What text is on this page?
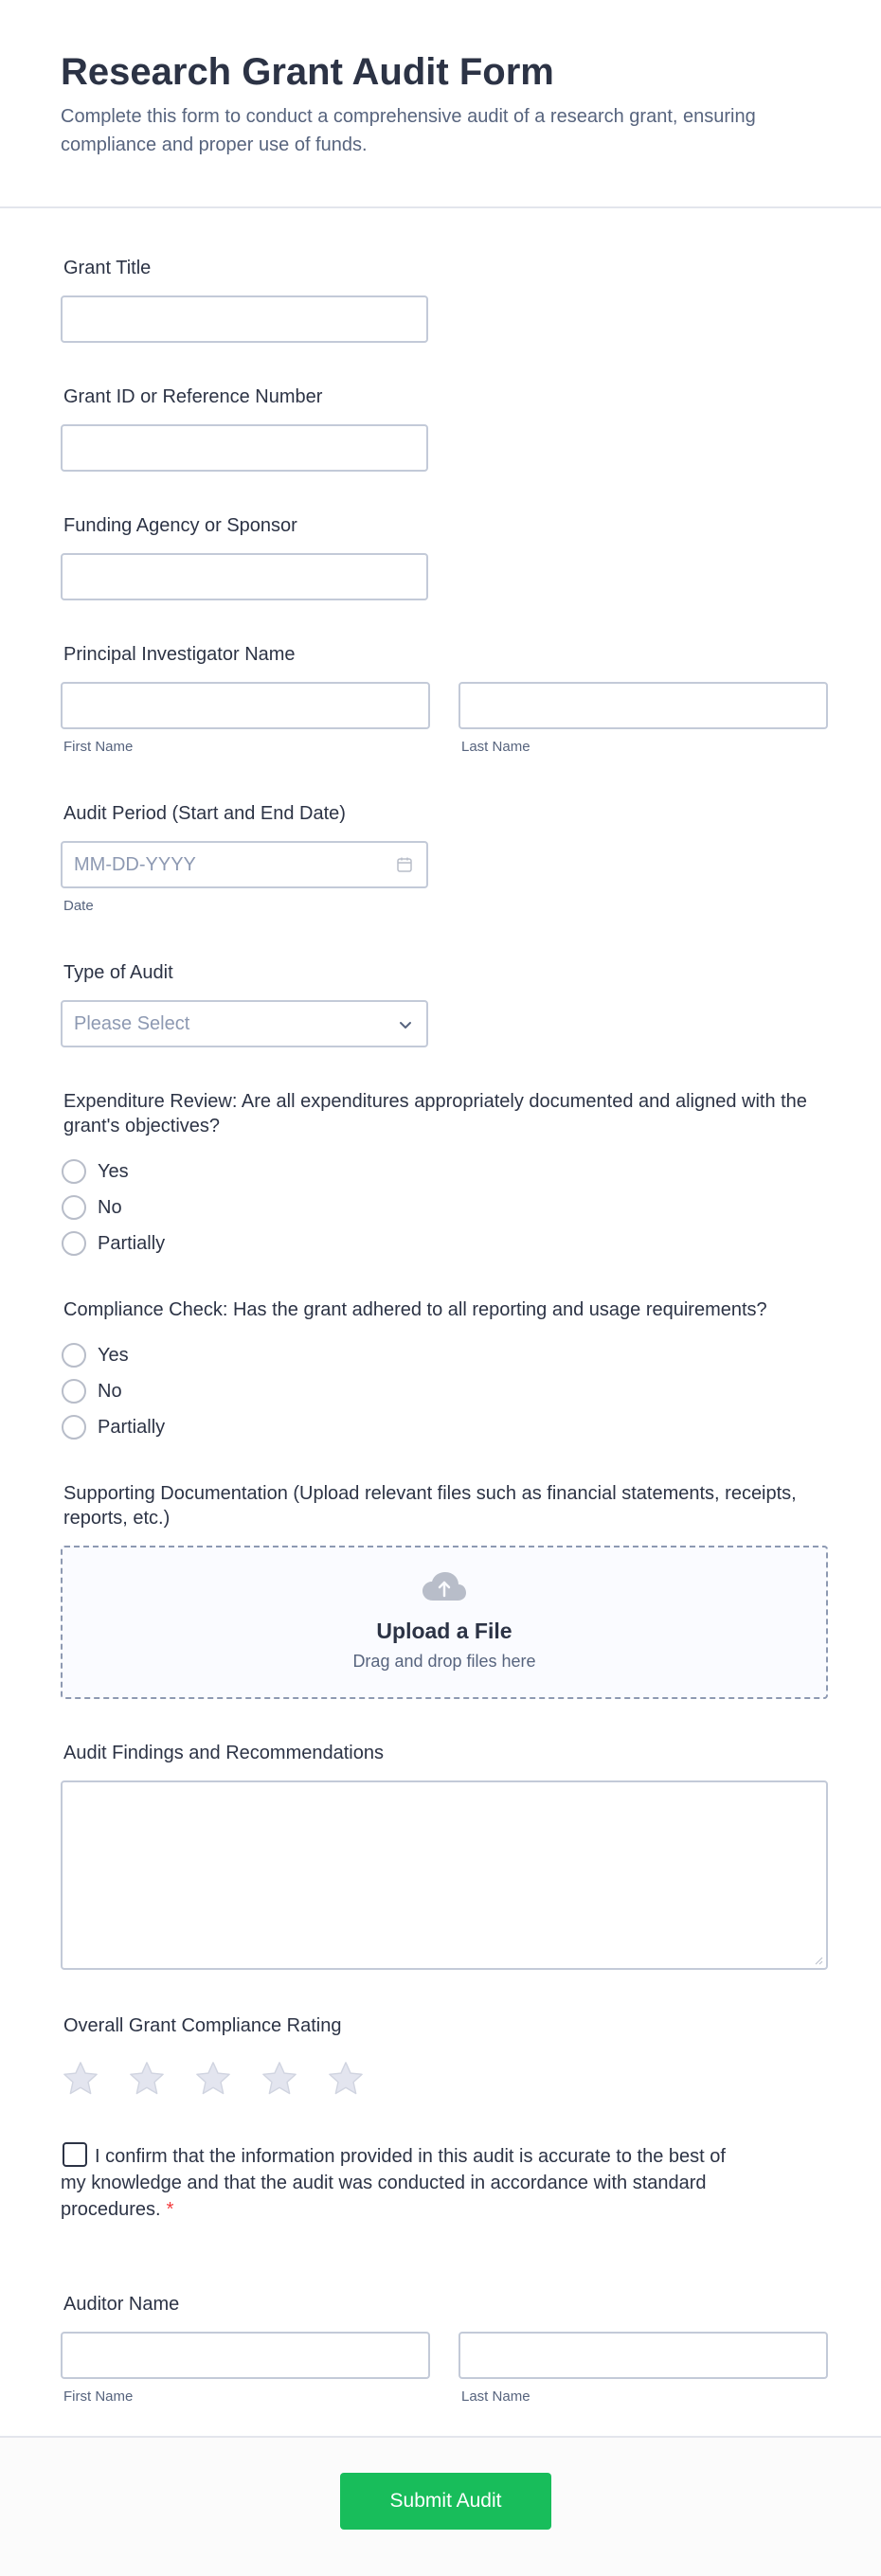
Research Grant Audit Form

Complete this form to conduct a comprehensive audit of a research grant, ensuring compliance and proper use of funds.

Grant Title
Grant ID or Reference Number
Funding Agency or Sponsor
Principal Investigator Name
First Name	Last Name
Audit Period (Start and End Date)
MM-DD-YYYY
Date
Type of Audit
Please Select
Expenditure Review: Are all expenditures appropriately documented and aligned with the grant's objectives?
Yes
No
Partially
Compliance Check: Has the grant adhered to all reporting and usage requirements?
Yes
No
Partially
Supporting Documentation (Upload relevant files such as financial statements, receipts, reports, etc.)
Upload a File
Drag and drop files here
Audit Findings and Recommendations
Overall Grant Compliance Rating
I confirm that the information provided in this audit is accurate to the best of my knowledge and that the audit was conducted in accordance with standard procedures. *
Auditor Name
First Name	Last Name
Submit Audit
